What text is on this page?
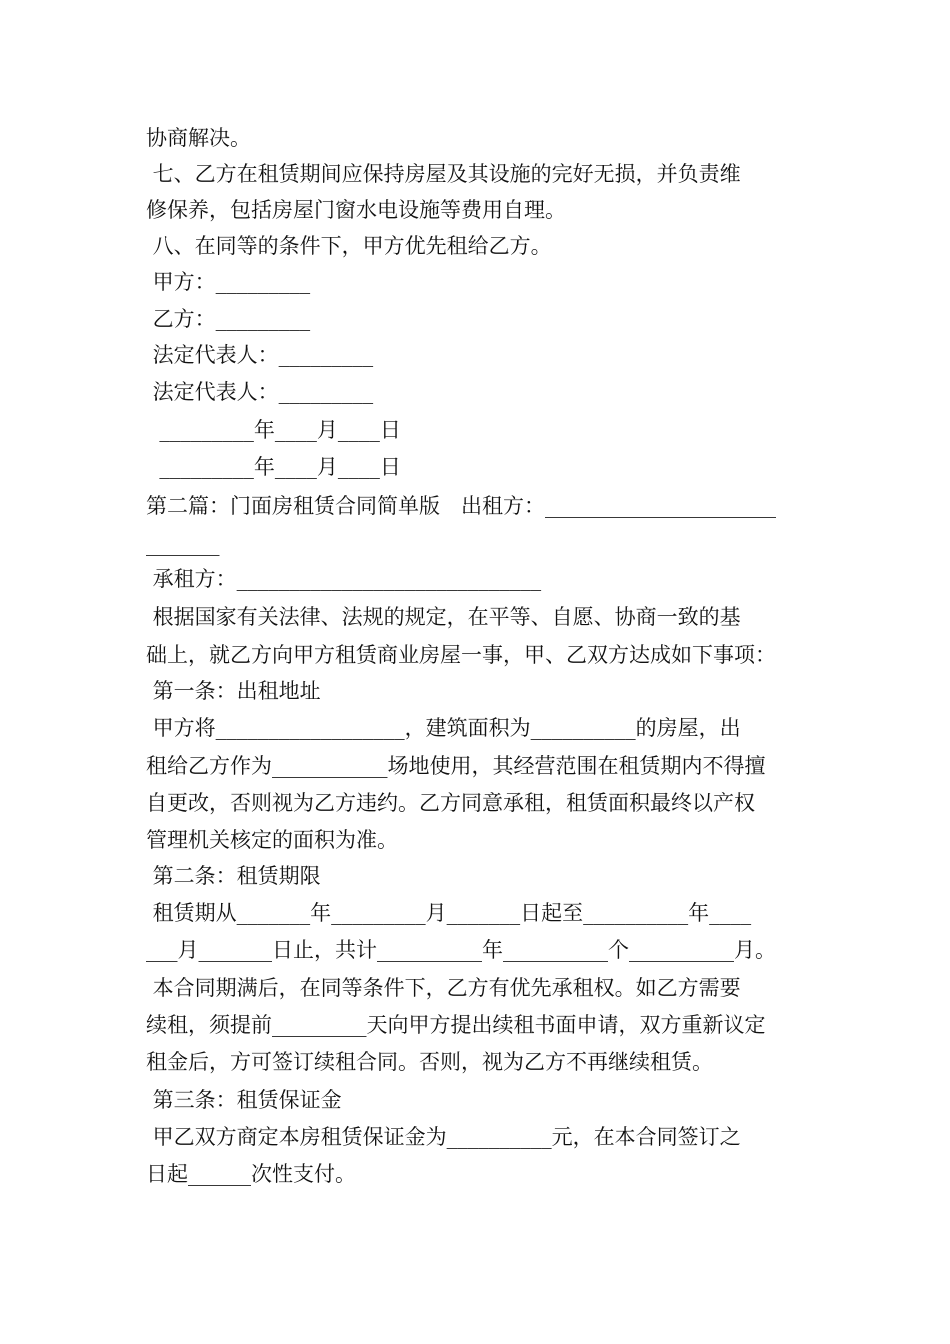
协商解决。
七、乙方在租赁期间应保持房屋及其设施的完好无损，并负责维
修保养，包括房屋门窗水电设施等费用自理。
八、在同等的条件下，甲方优先租给乙方。
甲方：_________
乙方：_________
法定代表人：_________
法定代表人：_________
_________年____月____日
_________年____月____日
第二篇：门面房租赁合同简单版　出租方：______________________
_______
承租方：_____________________________
根据国家有关法律、法规的规定，在平等、自愿、协商一致的基
础上，就乙方向甲方租赁商业房屋一事，甲、乙双方达成如下事项：
第一条：出租地址
甲方将__________________，建筑面积为__________的房屋，出
租给乙方作为___________场地使用，其经营范围在租赁期内不得擅
自更改，否则视为乙方违约。乙方同意承租，租赁面积最终以产权
管理机关核定的面积为准。
第二条：租赁期限
租赁期从_______年_________月_______日起至__________年____
___月_______日止，共计__________年__________个__________月。
本合同期满后，在同等条件下，乙方有优先承租权。如乙方需要
续租，须提前_________天向甲方提出续租书面申请，双方重新议定
租金后，方可签订续租合同。否则，视为乙方不再继续租赁。
第三条：租赁保证金
甲乙双方商定本房租赁保证金为__________元，在本合同签订之
日起______次性支付。
